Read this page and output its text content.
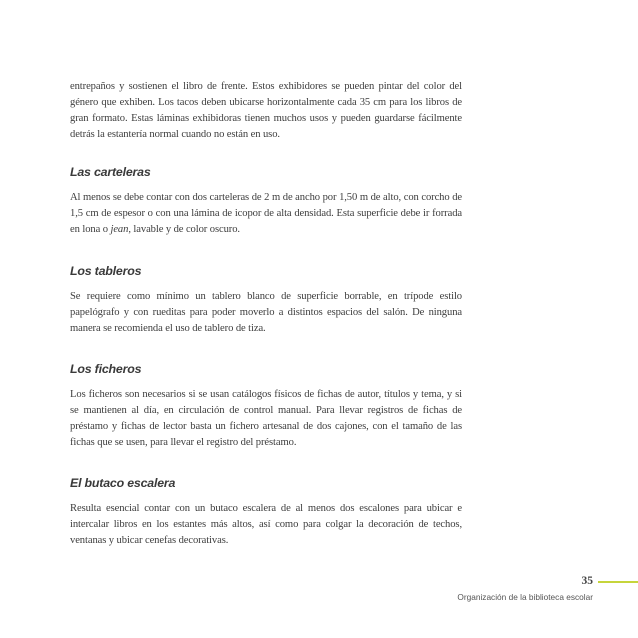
entrepaños y sostienen el libro de frente. Estos exhibidores se pueden pintar del color del género que exhiben. Los tacos deben ubicarse horizontalmente cada 35 cm para los libros de gran formato. Estas láminas exhibidoras tienen muchos usos y pueden guardarse fácilmente detrás la estantería normal cuando no están en uso.

Las carteleras

Al menos se debe contar con dos carteleras de 2 m de ancho por 1,50 m de alto, con corcho de 1,5 cm de espesor o con una lámina de icopor de alta densidad. Esta superficie debe ir forrada en lona o jean, lavable y de color oscuro.

Los tableros

Se requiere como mínimo un tablero blanco de superficie borrable, en trípode estilo papelógrafo y con rueditas para poder moverlo a distintos espacios del salón. De ninguna manera se recomienda el uso de tablero de tiza.

Los ficheros

Los ficheros son necesarios si se usan catálogos físicos de fichas de autor, títulos y tema, y si se mantienen al día, en circulación de control manual. Para llevar registros de fichas de préstamo y fichas de lector basta un fichero artesanal de dos cajones, con el tamaño de las fichas que se usen, para llevar el registro del préstamo.

El butaco escalera

Resulta esencial contar con un butaco escalera de al menos dos escalones para ubicar e intercalar libros en los estantes más altos, así como para colgar la decoración de techos, ventanas y ubicar cenefas decorativas.

35
Organización de la biblioteca escolar
